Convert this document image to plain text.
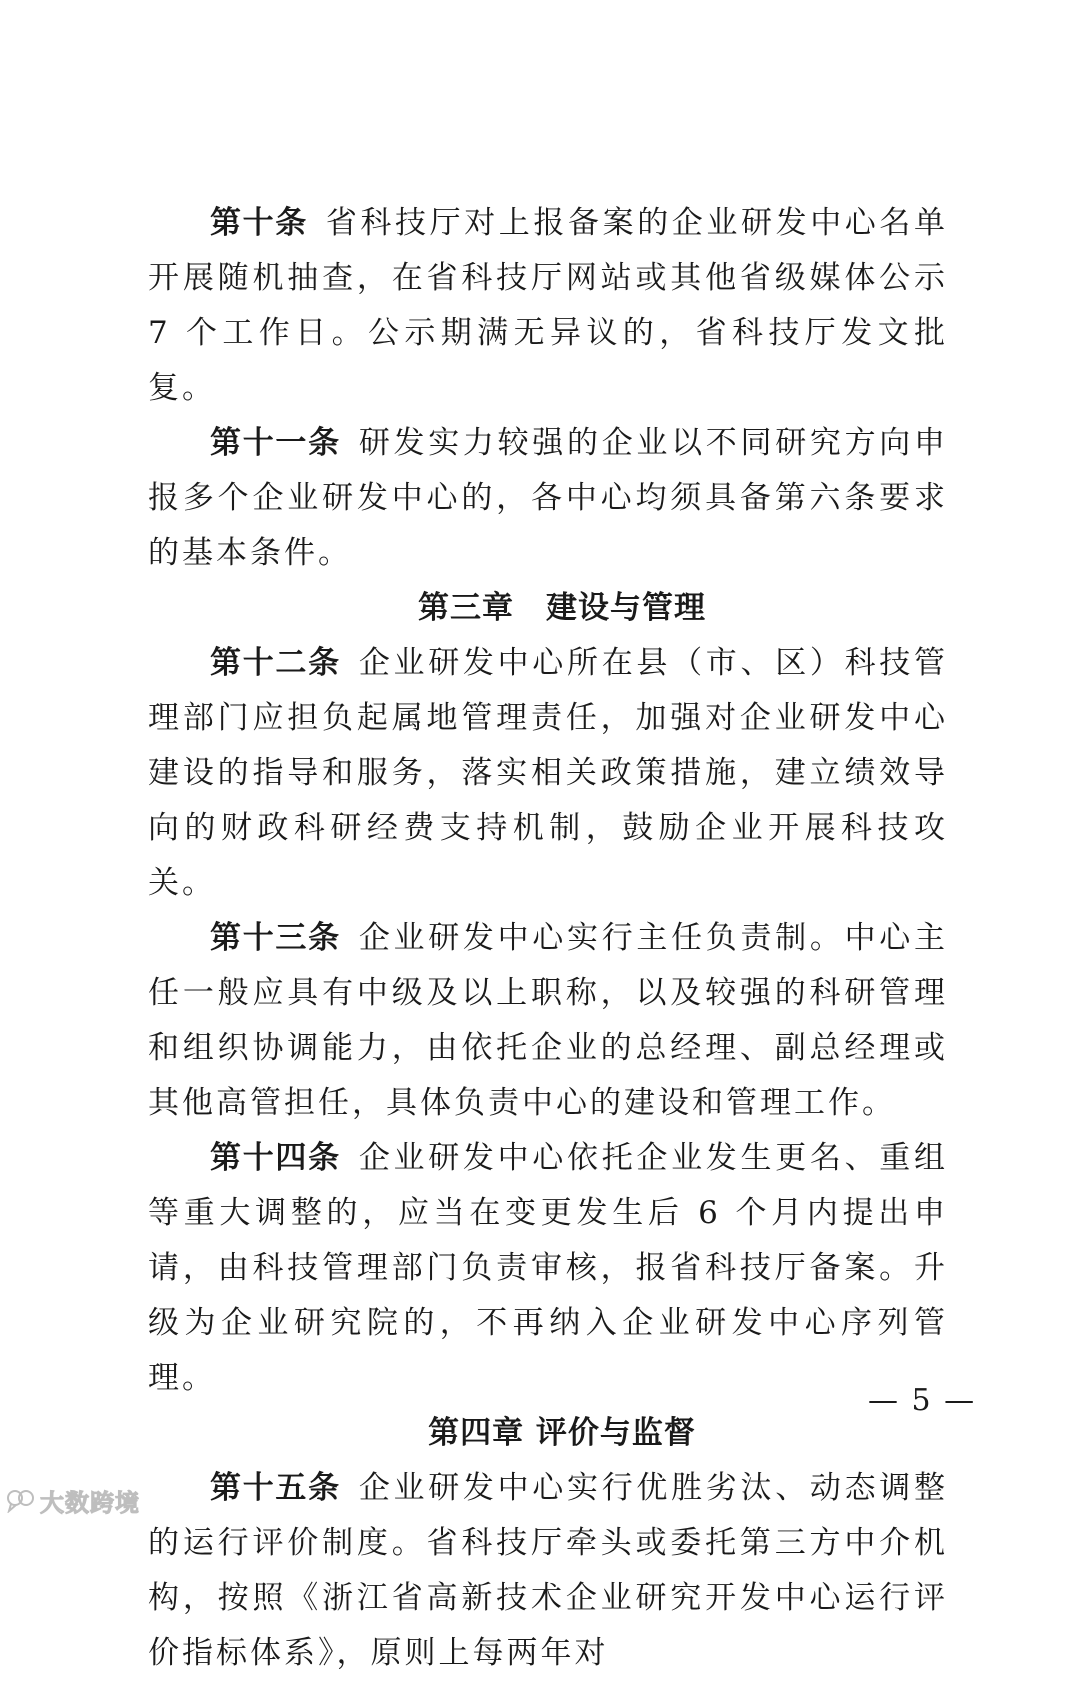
第十条 省科技厅对上报备案的企业研发中心名单开展随机抽查，在省科技厅网站或其他省级媒体公示 7 个工作日。公示期满无异议的，省科技厅发文批复。

第十一条 研发实力较强的企业以不同研究方向申报多个企业研发中心的，各中心均须具备第六条要求的基本条件。

第三章　建设与管理

第十二条 企业研发中心所在县（市、区）科技管理部门应担负起属地管理责任，加强对企业研发中心建设的指导和服务，落实相关政策措施，建立绩效导向的财政科研经费支持机制，鼓励企业开展科技攻关。

第十三条 企业研发中心实行主任负责制。中心主任一般应具有中级及以上职称，以及较强的科研管理和组织协调能力，由依托企业的总经理、副总经理或其他高管担任，具体负责中心的建设和管理工作。

第十四条 企业研发中心依托企业发生更名、重组等重大调整的，应当在变更发生后 6 个月内提出申请，由科技管理部门负责审核，报省科技厅备案。升级为企业研究院的，不再纳入企业研发中心序列管理。

第四章 评价与监督

第十五条 企业研发中心实行优胜劣汰、动态调整的运行评价制度。省科技厅牵头或委托第三方中介机构，按照《浙江省高新技术企业研究开发中心运行评价指标体系》，原则上每两年对

— 5 —
大数跨境
